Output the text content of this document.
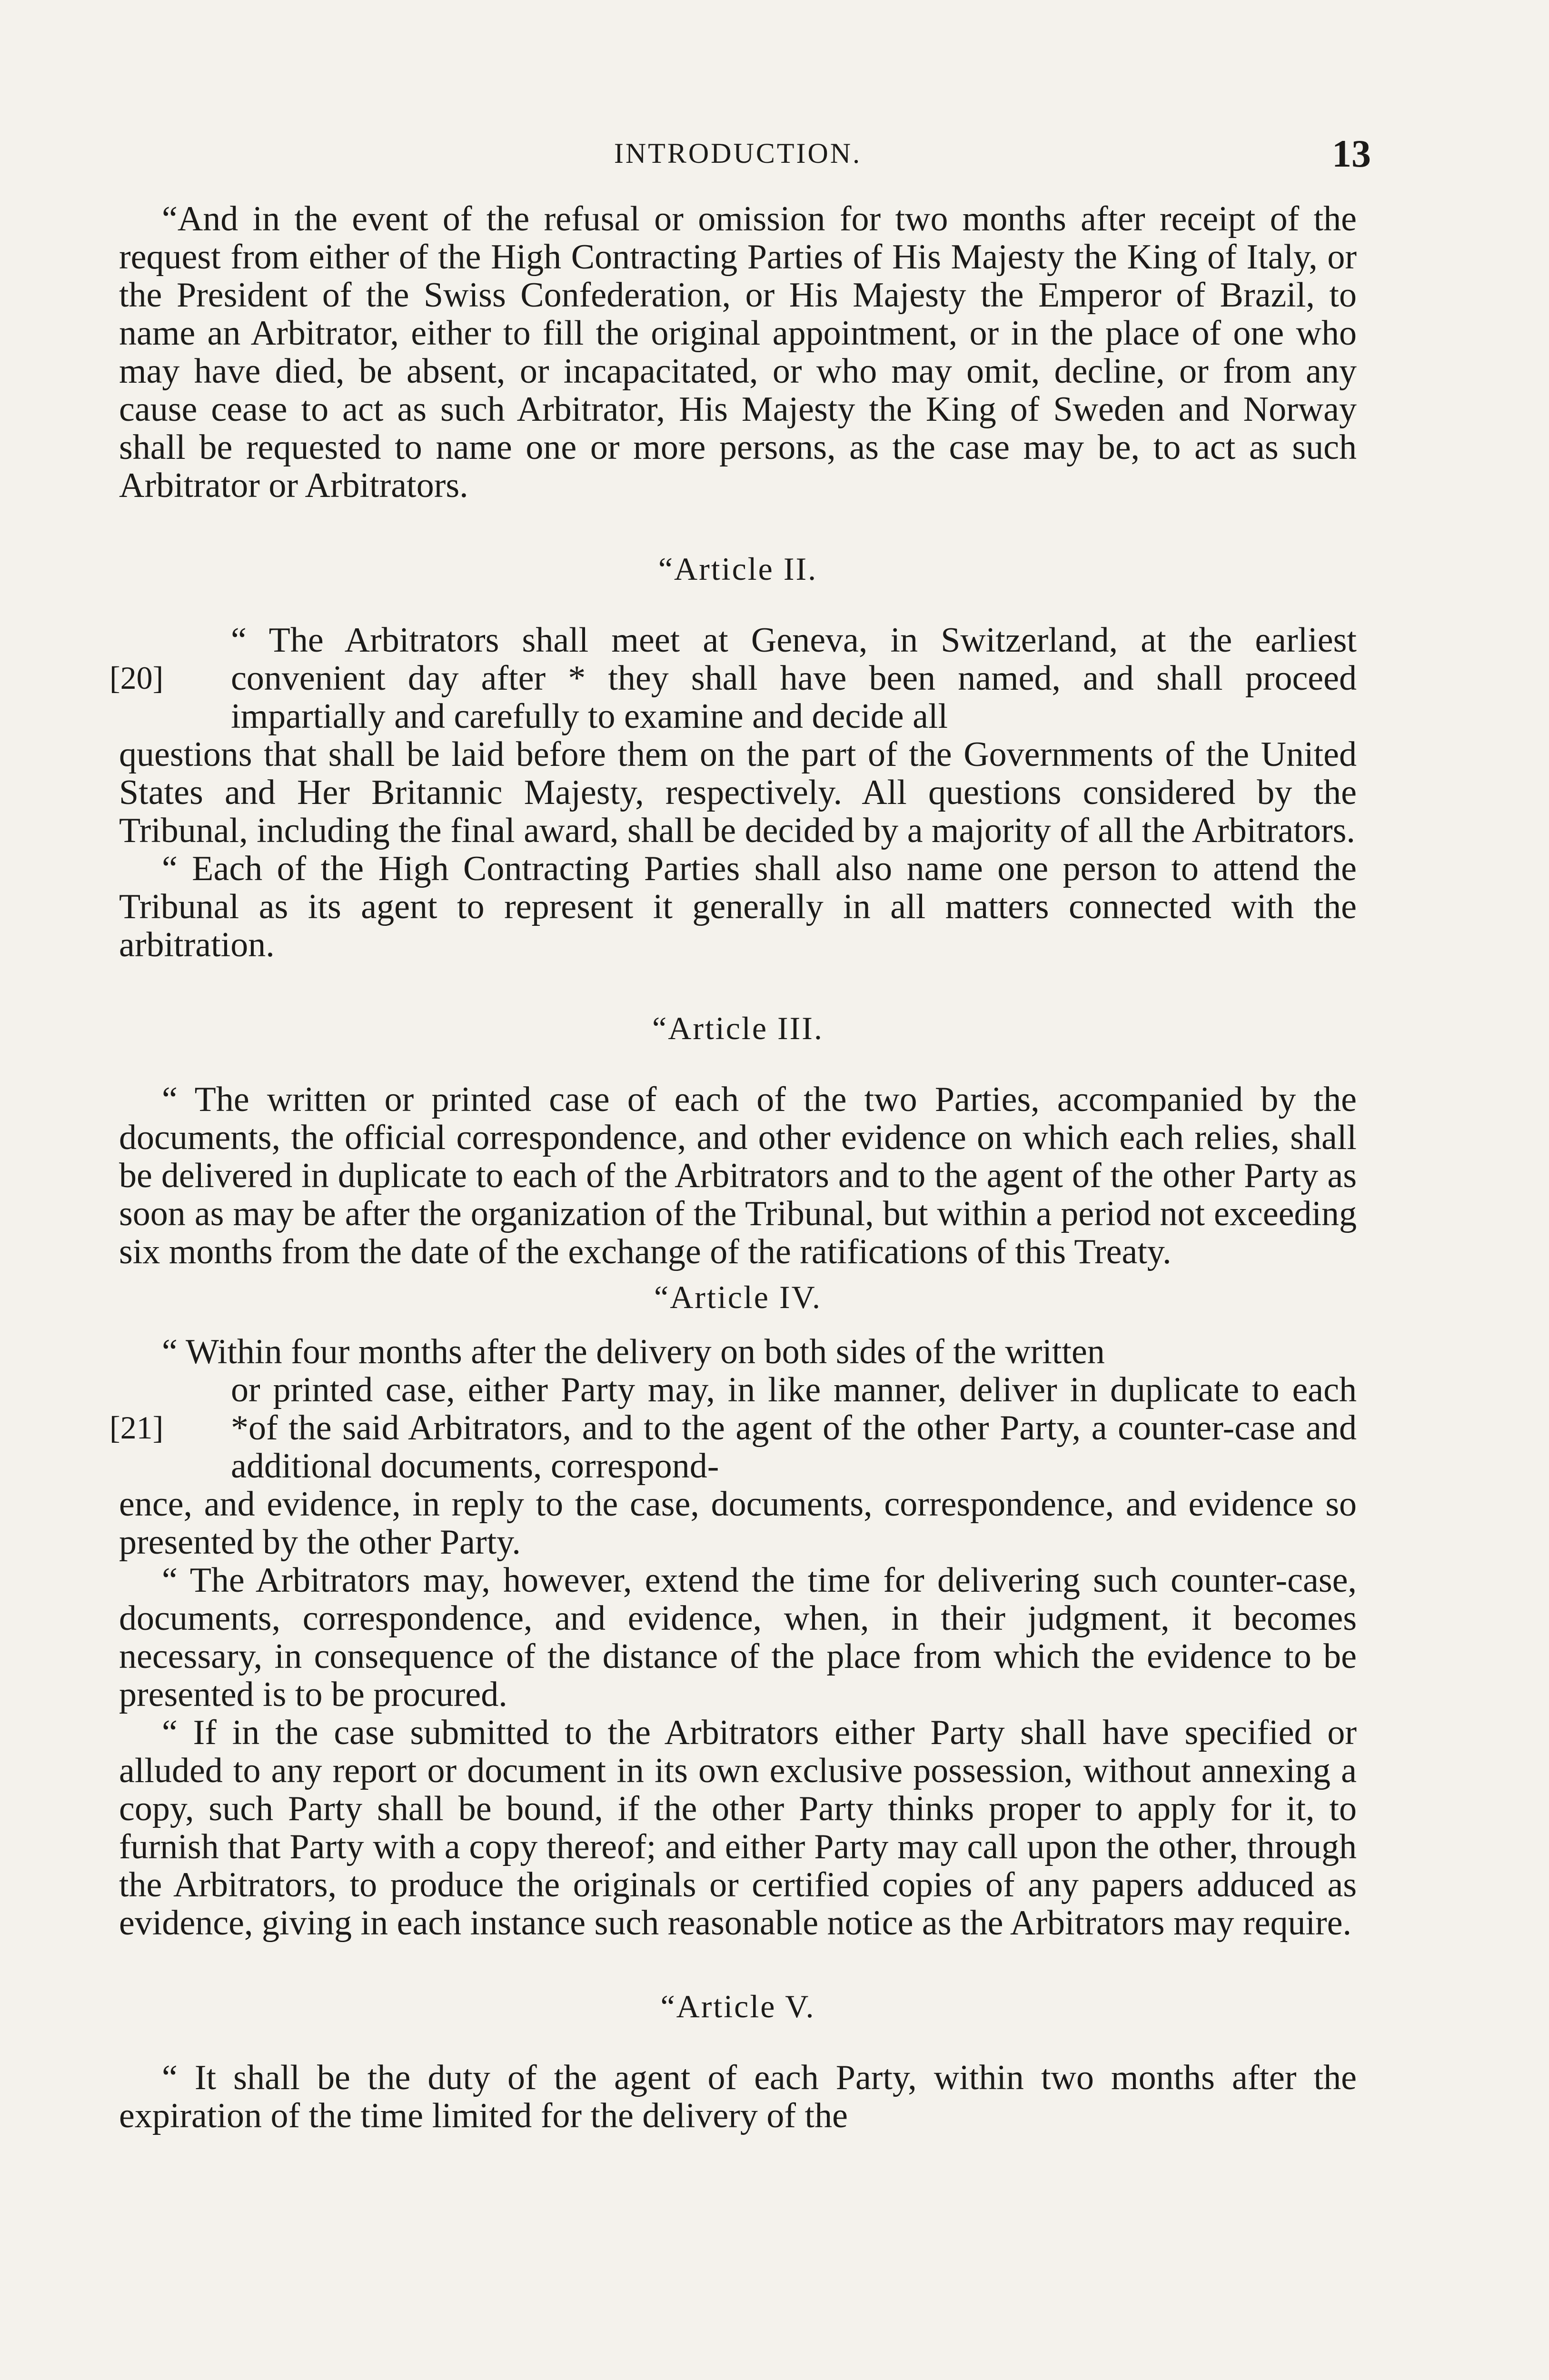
INTRODUCTION.	13

“And in the event of the refusal or omission for two months after receipt of the request from either of the High Contracting Parties of His Majesty the King of Italy, or the President of the Swiss Confederation, or His Majesty the Emperor of Brazil, to name an Arbitrator, either to fill the original appointment, or in the place of one who may have died, be absent, or incapacitated, or who may omit, decline, or from any cause cease to act as such Arbitrator, His Majesty the King of Sweden and Norway shall be requested to name one or more persons, as the case may be, to act as such Arbitrator or Arbitrators.

“Article II.
[20]

“ The Arbitrators shall meet at Geneva, in Switzerland, at the earliest convenient day after * they shall have been named, and shall proceed impartially and carefully to examine and decide all

questions that shall be laid before them on the part of the Governments of the United States and Her Britannic Majesty, respectively. All questions considered by the Tribunal, including the final award, shall be decided by a majority of all the Arbitrators.

“ Each of the High Contracting Parties shall also name one person to attend the Tribunal as its agent to represent it generally in all matters connected with the arbitration.

“Article III.

“ The written or printed case of each of the two Parties, accompanied by the documents, the official correspondence, and other evidence on which each relies, shall be delivered in duplicate to each of the Arbitrators and to the agent of the other Party as soon as may be after the organization of the Tribunal, but within a period not exceeding six months from the date of the exchange of the ratifications of this Treaty.

“Article IV.

“ Within four months after the delivery on both sides of the written

[21]

or printed case, either Party may, in like manner, deliver in duplicate to each *of the said Arbitrators, and to the agent of the other Party, a counter-case and additional documents, correspond-

ence, and evidence, in reply to the case, documents, correspondence, and evidence so presented by the other Party.

“ The Arbitrators may, however, extend the time for delivering such counter-case, documents, correspondence, and evidence, when, in their judgment, it becomes necessary, in consequence of the distance of the place from which the evidence to be presented is to be procured.

“ If in the case submitted to the Arbitrators either Party shall have specified or alluded to any report or document in its own exclusive possession, without annexing a copy, such Party shall be bound, if the other Party thinks proper to apply for it, to furnish that Party with a copy thereof; and either Party may call upon the other, through the Arbitrators, to produce the originals or certified copies of any papers adduced as evidence, giving in each instance such reasonable notice as the Arbitrators may require.

“Article V.

“ It shall be the duty of the agent of each Party, within two months after the expiration of the time limited for the delivery of the
